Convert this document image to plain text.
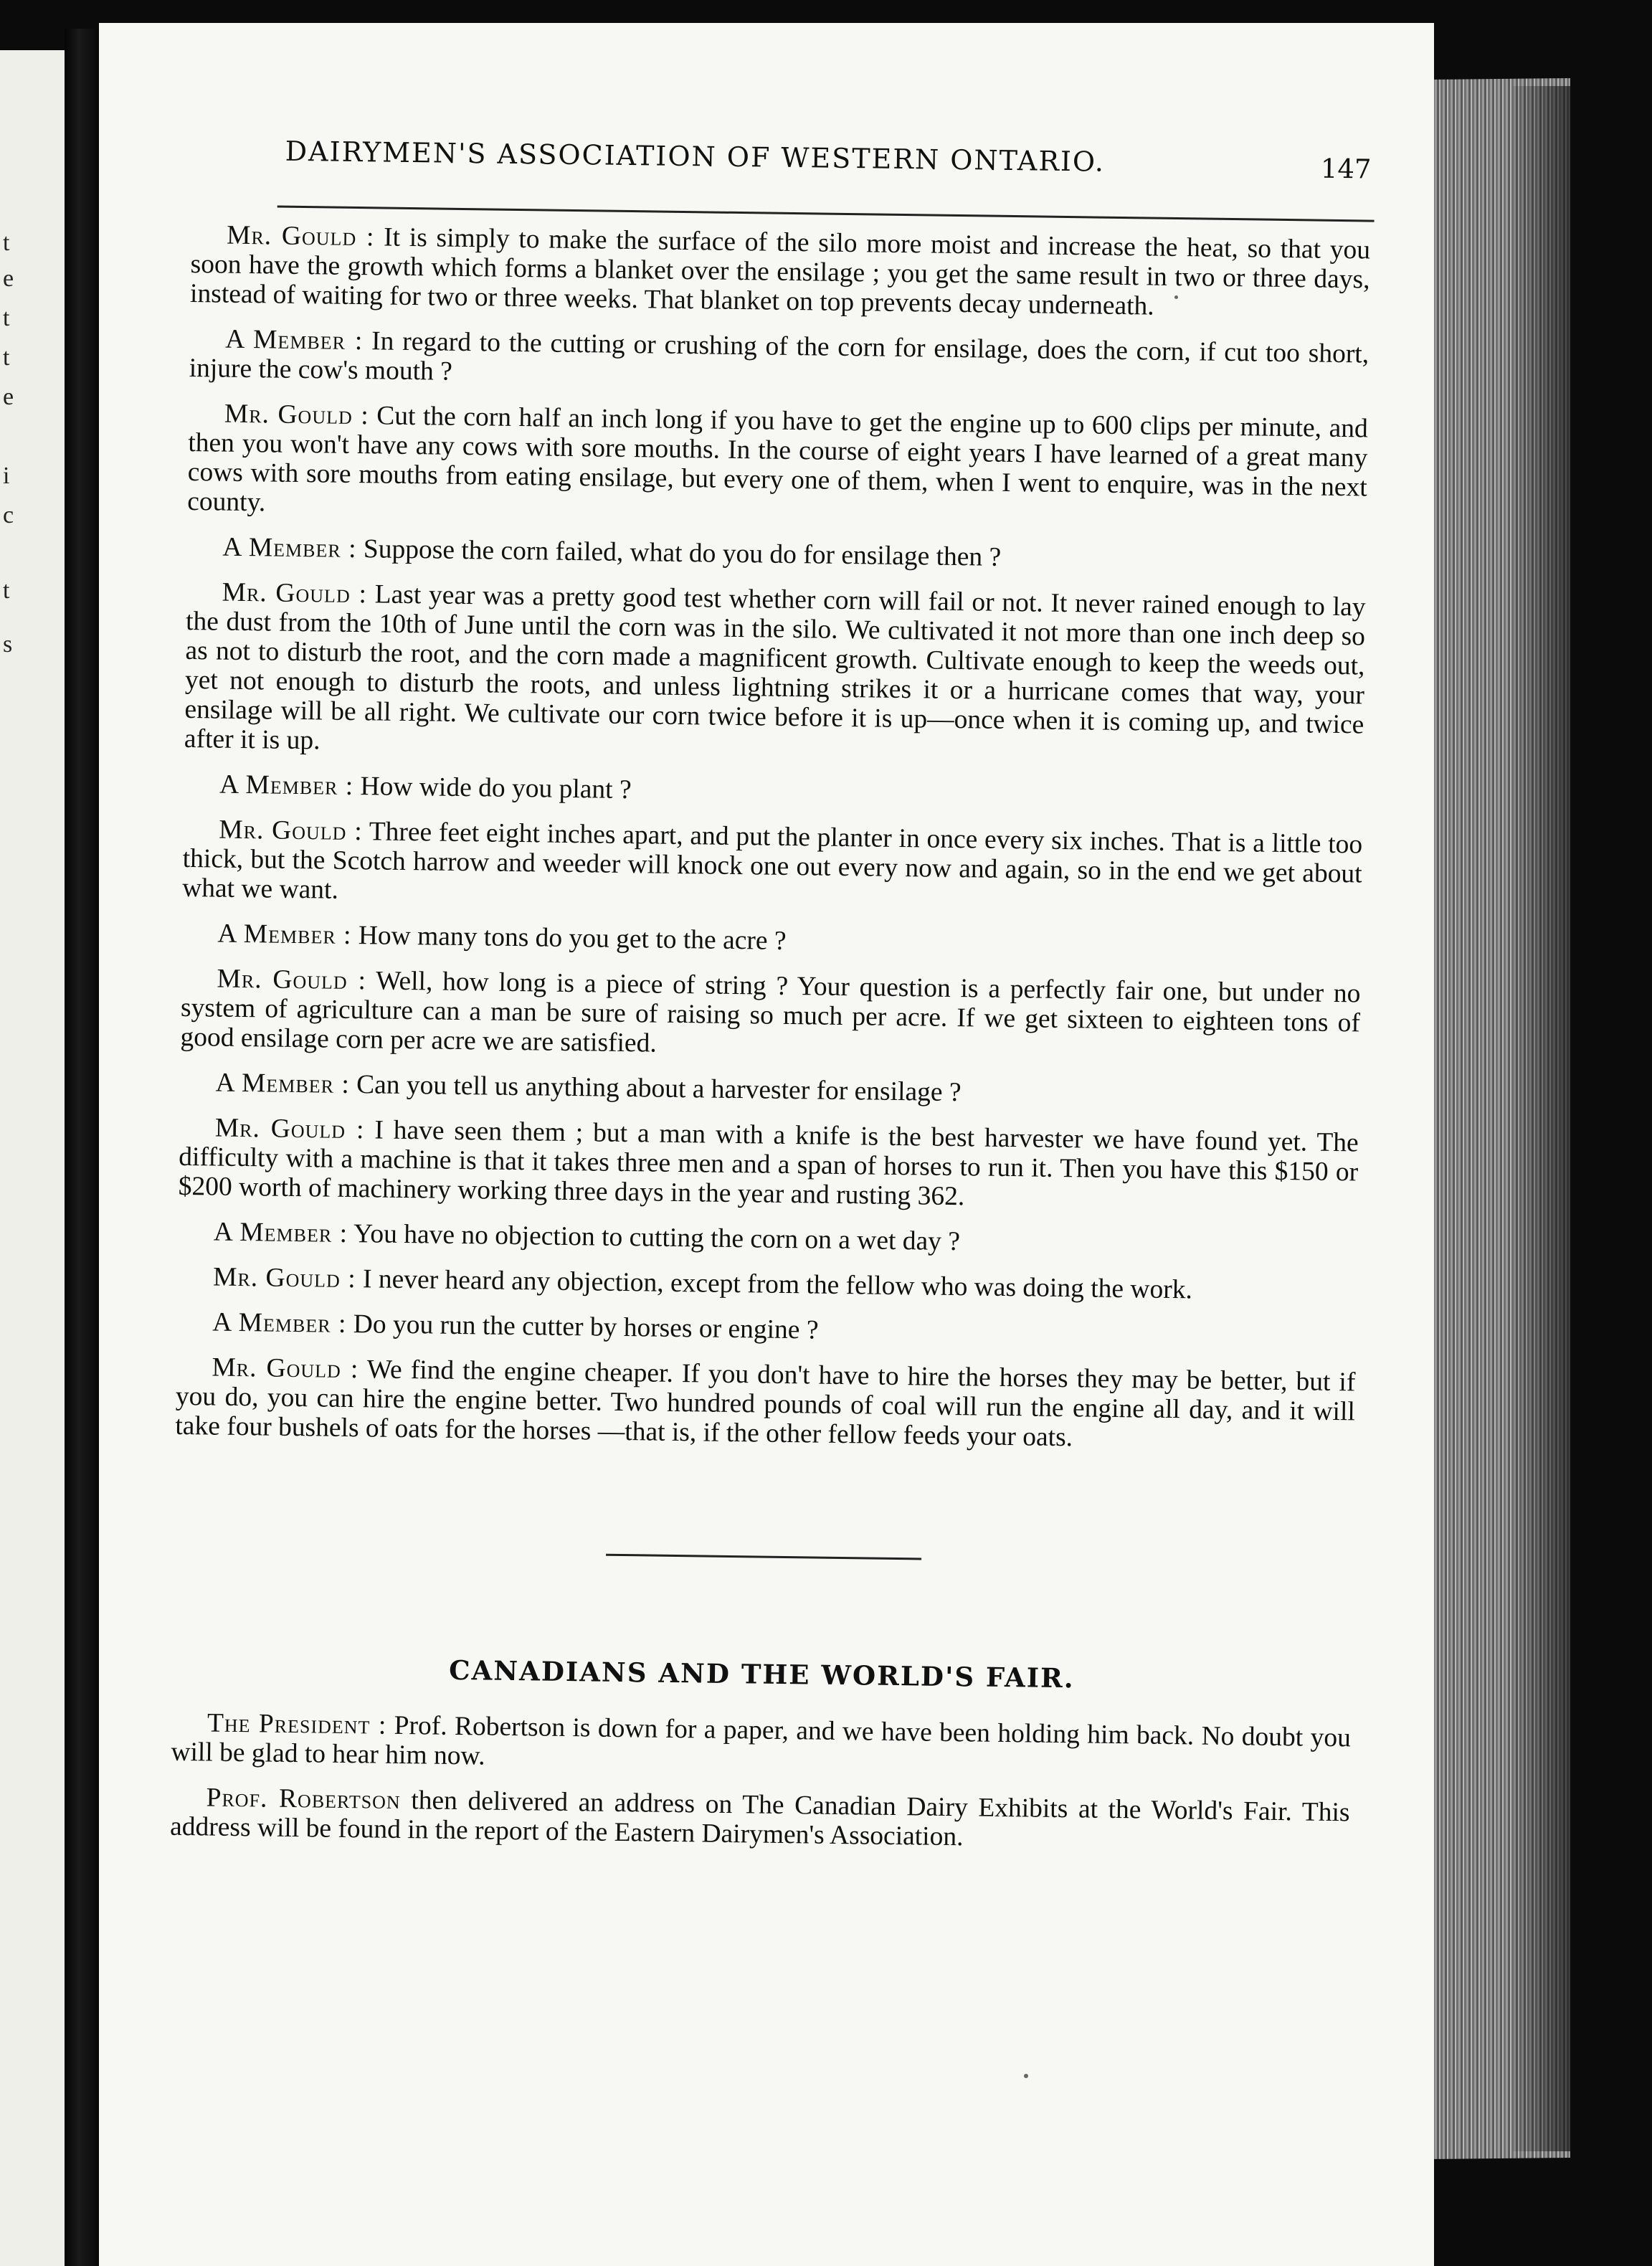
t
e
t
t
e
i
c
t
s
DAIRYMEN'S ASSOCIATION OF WESTERN ONTARIO.	147

Mr. Gould : It is simply to make the surface of the silo more moist and increase the heat, so that you soon have the growth which forms a blanket over the ensilage ; you get the same result in two or three days, instead of waiting for two or three weeks. That blanket on top prevents decay underneath.

A Member : In regard to the cutting or crushing of the corn for ensilage, does the corn, if cut too short, injure the cow's mouth ?

Mr. Gould : Cut the corn half an inch long if you have to get the engine up to 600 clips per minute, and then you won't have any cows with sore mouths. In the course of eight years I have learned of a great many cows with sore mouths from eating ensilage, but every one of them, when I went to enquire, was in the next county.

A Member : Suppose the corn failed, what do you do for ensilage then ?

Mr. Gould : Last year was a pretty good test whether corn will fail or not. It never rained enough to lay the dust from the 10th of June until the corn was in the silo. We cultivated it not more than one inch deep so as not to disturb the root, and the corn made a magnificent growth. Cultivate enough to keep the weeds out, yet not enough to disturb the roots, and unless lightning strikes it or a hurricane comes that way, your ensilage will be all right. We cultivate our corn twice before it is up—once when it is coming up, and twice after it is up.

A Member : How wide do you plant ?

Mr. Gould : Three feet eight inches apart, and put the planter in once every six inches. That is a little too thick, but the Scotch harrow and weeder will knock one out every now and again, so in the end we get about what we want.

A Member : How many tons do you get to the acre ?

Mr. Gould : Well, how long is a piece of string ? Your question is a perfectly fair one, but under no system of agriculture can a man be sure of raising so much per acre. If we get sixteen to eighteen tons of good ensilage corn per acre we are satisfied.

A Member : Can you tell us anything about a harvester for ensilage ?

Mr. Gould : I have seen them ; but a man with a knife is the best harvester we have found yet. The difficulty with a machine is that it takes three men and a span of horses to run it. Then you have this $150 or $200 worth of machinery working three days in the year and rusting 362.

A Member : You have no objection to cutting the corn on a wet day ?

Mr. Gould : I never heard any objection, except from the fellow who was doing the work.

A Member : Do you run the cutter by horses or engine ?

Mr. Gould : We find the engine cheaper. If you don't have to hire the horses they may be better, but if you do, you can hire the engine better. Two hundred pounds of coal will run the engine all day, and it will take four bushels of oats for the horses —that is, if the other fellow feeds your oats.

CANADIANS AND THE WORLD'S FAIR.

The President : Prof. Robertson is down for a paper, and we have been holding him back. No doubt you will be glad to hear him now.

Prof. Robertson then delivered an address on The Canadian Dairy Exhibits at the World's Fair. This address will be found in the report of the Eastern Dairymen's Association.
